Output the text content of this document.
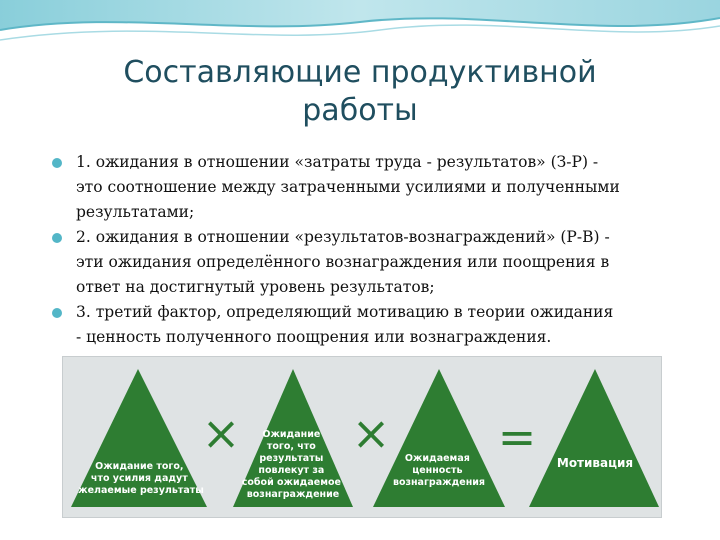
Составляющие продуктивной
работы
1. ожидания в отношении «затраты труда - результатов» (З-Р) -
это соотношение между затраченными усилиями и полученными
результатами;
2. ожидания в отношении «результатов-вознаграждений» (Р-В) -
эти ожидания определённого вознаграждения или поощрения в
ответ на достигнутый уровень результатов;
3. третий фактор, определяющий мотивацию в теории ожидания
- ценность полученного поощрения или вознаграждения.
Ожидание того, что усилия дадут желаемые результаты
×	Ожидание того, что результаты повлекут за собой ожидаемое вознаграждение
×	Ожидаемая ценность вознаграждения
= Мотивация
